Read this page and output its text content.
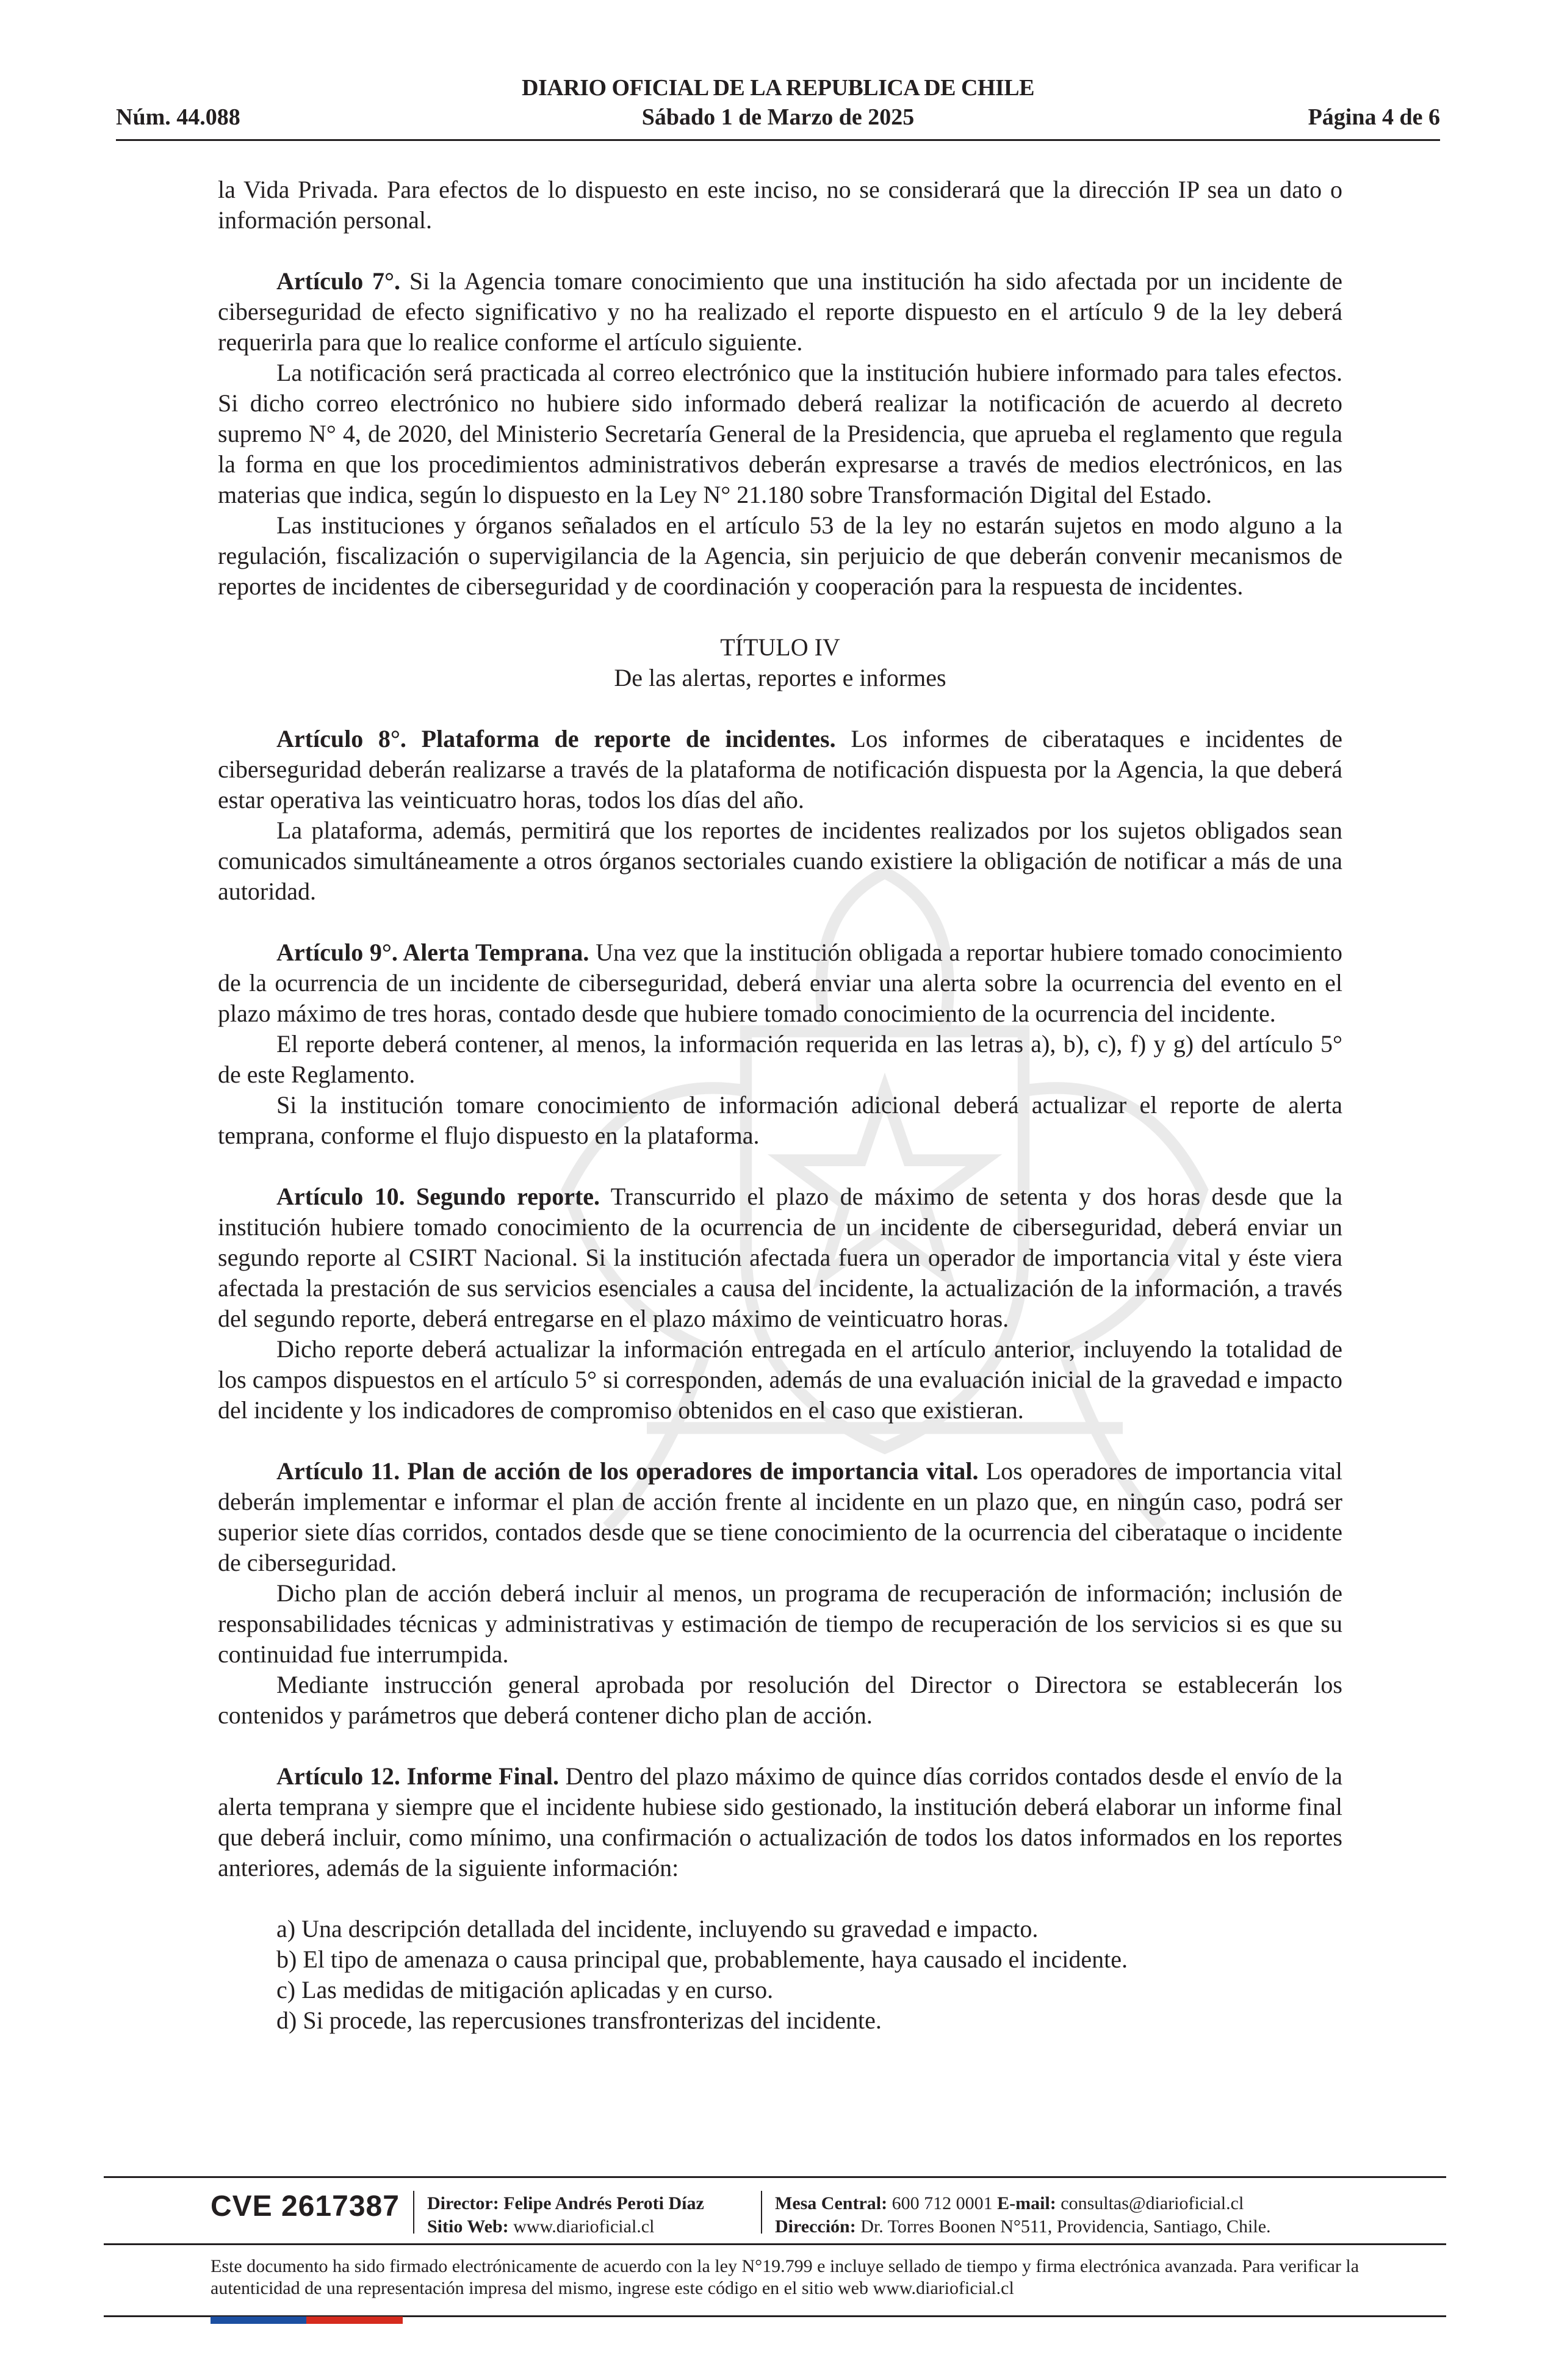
DIARIO OFICIAL DE LA REPUBLICA DE CHILE
Núm. 44.088	Sábado 1 de Marzo de 2025	Página 4 de 6

la Vida Privada. Para efectos de lo dispuesto en este inciso, no se considerará que la dirección IP sea un dato o información personal.

Artículo 7°. Si la Agencia tomare conocimiento que una institución ha sido afectada por un incidente de ciberseguridad de efecto significativo y no ha realizado el reporte dispuesto en el artículo 9 de la ley deberá requerirla para que lo realice conforme el artículo siguiente.

La notificación será practicada al correo electrónico que la institución hubiere informado para tales efectos. Si dicho correo electrónico no hubiere sido informado deberá realizar la notificación de acuerdo al decreto supremo N° 4, de 2020, del Ministerio Secretaría General de la Presidencia, que aprueba el reglamento que regula la forma en que los procedimientos administrativos deberán expresarse a través de medios electrónicos, en las materias que indica, según lo dispuesto en la Ley N° 21.180 sobre Transformación Digital del Estado.

Las instituciones y órganos señalados en el artículo 53 de la ley no estarán sujetos en modo alguno a la regulación, fiscalización o supervigilancia de la Agencia, sin perjuicio de que deberán convenir mecanismos de reportes de incidentes de ciberseguridad y de coordinación y cooperación para la respuesta de incidentes.

TÍTULO IV
De las alertas, reportes e informes

Artículo 8°. Plataforma de reporte de incidentes. Los informes de ciberataques e incidentes de ciberseguridad deberán realizarse a través de la plataforma de notificación dispuesta por la Agencia, la que deberá estar operativa las veinticuatro horas, todos los días del año.

La plataforma, además, permitirá que los reportes de incidentes realizados por los sujetos obligados sean comunicados simultáneamente a otros órganos sectoriales cuando existiere la obligación de notificar a más de una autoridad.

Artículo 9°. Alerta Temprana. Una vez que la institución obligada a reportar hubiere tomado conocimiento de la ocurrencia de un incidente de ciberseguridad, deberá enviar una alerta sobre la ocurrencia del evento en el plazo máximo de tres horas, contado desde que hubiere tomado conocimiento de la ocurrencia del incidente.

El reporte deberá contener, al menos, la información requerida en las letras a), b), c), f) y g) del artículo 5° de este Reglamento.

Si la institución tomare conocimiento de información adicional deberá actualizar el reporte de alerta temprana, conforme el flujo dispuesto en la plataforma.

Artículo 10. Segundo reporte. Transcurrido el plazo de máximo de setenta y dos horas desde que la institución hubiere tomado conocimiento de la ocurrencia de un incidente de ciberseguridad, deberá enviar un segundo reporte al CSIRT Nacional. Si la institución afectada fuera un operador de importancia vital y éste viera afectada la prestación de sus servicios esenciales a causa del incidente, la actualización de la información, a través del segundo reporte, deberá entregarse en el plazo máximo de veinticuatro horas.

Dicho reporte deberá actualizar la información entregada en el artículo anterior, incluyendo la totalidad de los campos dispuestos en el artículo 5° si corresponden, además de una evaluación inicial de la gravedad e impacto del incidente y los indicadores de compromiso obtenidos en el caso que existieran.

Artículo 11. Plan de acción de los operadores de importancia vital. Los operadores de importancia vital deberán implementar e informar el plan de acción frente al incidente en un plazo que, en ningún caso, podrá ser superior siete días corridos, contados desde que se tiene conocimiento de la ocurrencia del ciberataque o incidente de ciberseguridad.

Dicho plan de acción deberá incluir al menos, un programa de recuperación de información; inclusión de responsabilidades técnicas y administrativas y estimación de tiempo de recuperación de los servicios si es que su continuidad fue interrumpida.

Mediante instrucción general aprobada por resolución del Director o Directora se establecerán los contenidos y parámetros que deberá contener dicho plan de acción.

Artículo 12. Informe Final. Dentro del plazo máximo de quince días corridos contados desde el envío de la alerta temprana y siempre que el incidente hubiese sido gestionado, la institución deberá elaborar un informe final que deberá incluir, como mínimo, una confirmación o actualización de todos los datos informados en los reportes anteriores, además de la siguiente información:

a) Una descripción detallada del incidente, incluyendo su gravedad e impacto.
b) El tipo de amenaza o causa principal que, probablemente, haya causado el incidente.
c) Las medidas de mitigación aplicadas y en curso.
d) Si procede, las repercusiones transfronterizas del incidente.
CVE 2617387 Director: Felipe Andrés Peroti Díaz
Sitio Web: www.diarioficial.cl
Mesa Central: 600 712 0001 E-mail: consultas@diarioficial.cl
Dirección: Dr. Torres Boonen N°511, Providencia, Santiago, Chile.
Este documento ha sido firmado electrónicamente de acuerdo con la ley N°19.799 e incluye sellado de tiempo y firma electrónica avanzada. Para verificar la autenticidad de una representación impresa del mismo, ingrese este código en el sitio web www.diarioficial.cl
